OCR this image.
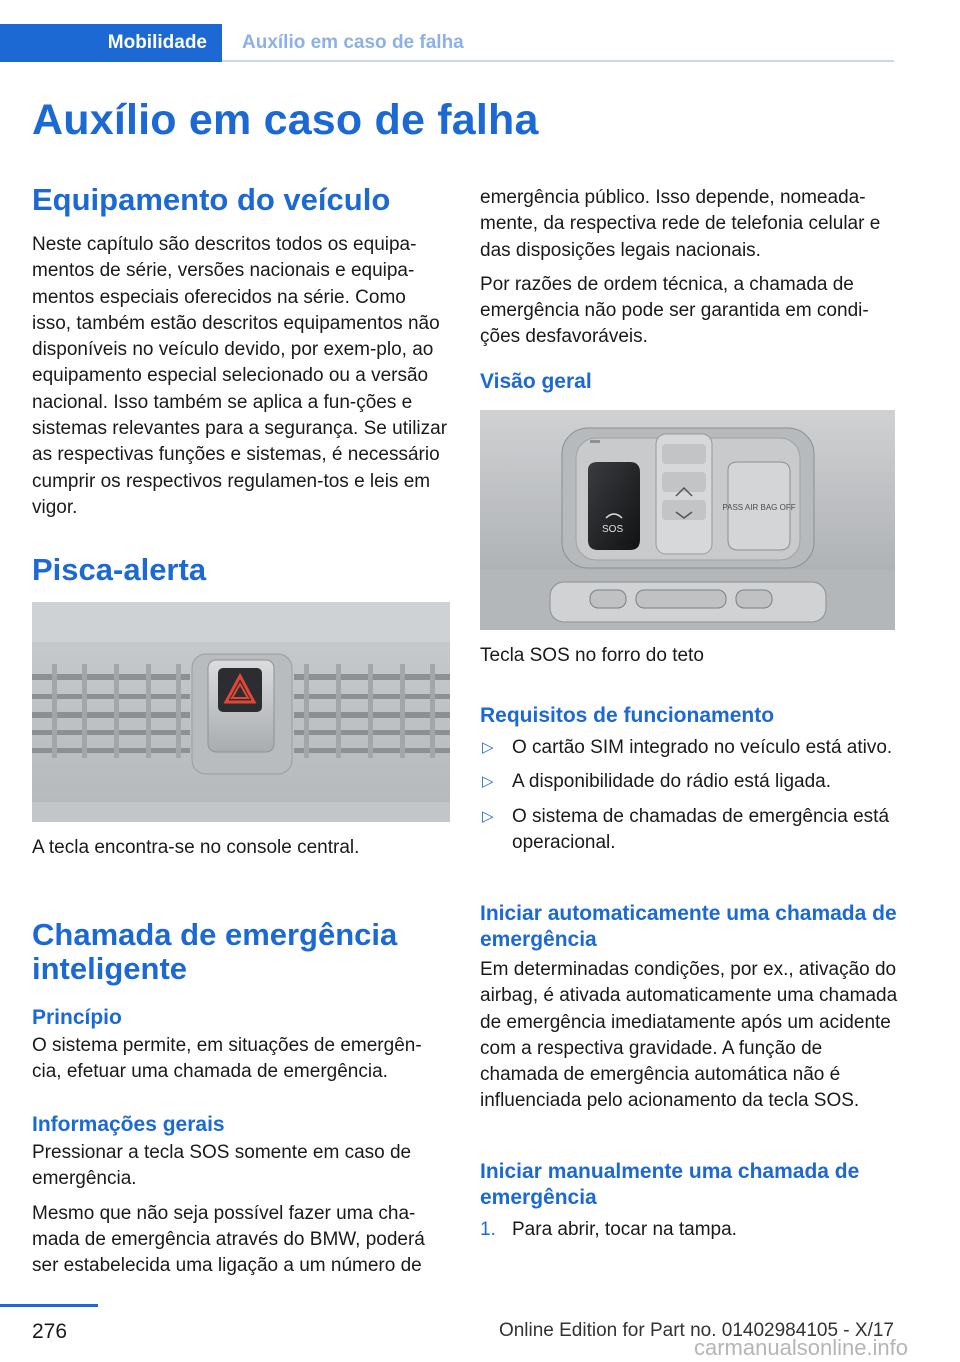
Mobilidade Auxílio em caso de falha
Auxílio em caso de falha
Equipamento do veículo

Neste capítulo são descritos todos os equipa-mentos de série, versões nacionais e equipa-mentos especiais oferecidos na série. Como isso, também estão descritos equipamentos não disponíveis no veículo devido, por exem-plo, ao equipamento especial selecionado ou a versão nacional. Isso também se aplica a fun-ções e sistemas relevantes para a segurança. Se utilizar as respectivas funções e sistemas, é necessário cumprir os respectivos regulamen-tos e leis em vigor.

Pisca-alerta

A tecla encontra-se no console central.

Chamada de emergência inteligente
Princípio

O sistema permite, em situações de emergên-cia, efetuar uma chamada de emergência.

Informações gerais

Pressionar a tecla SOS somente em caso de emergência.

Mesmo que não seja possível fazer uma cha-mada de emergência através do BMW, poderá ser estabelecida uma ligação a um número de

emergência público. Isso depende, nomeada-mente, da respectiva rede de telefonia celular e das disposições legais nacionais.

Por razões de ordem técnica, a chamada de emergência não pode ser garantida em condi-ções desfavoráveis.

Visão geral
SOS
PASS AIR BAG OFF

Tecla SOS no forro do teto

Requisitos de funcionamento
▷ O cartão SIM integrado no veículo está ativo.
▷ A disponibilidade do rádio está ligada.
▷ O sistema de chamadas de emergência está operacional.
Iniciar automaticamente uma chamada de emergência

Em determinadas condições, por ex., ativação do airbag, é ativada automaticamente uma chamada de emergência imediatamente após um acidente com a respectiva gravidade. A função de chamada de emergência automática não é influenciada pelo acionamento da tecla SOS.

Iniciar manualmente uma chamada de emergência
1. Para abrir, tocar na tampa.
276	Online Edition for Part no. 01402984105 - X/17
carmanualsonline.info
